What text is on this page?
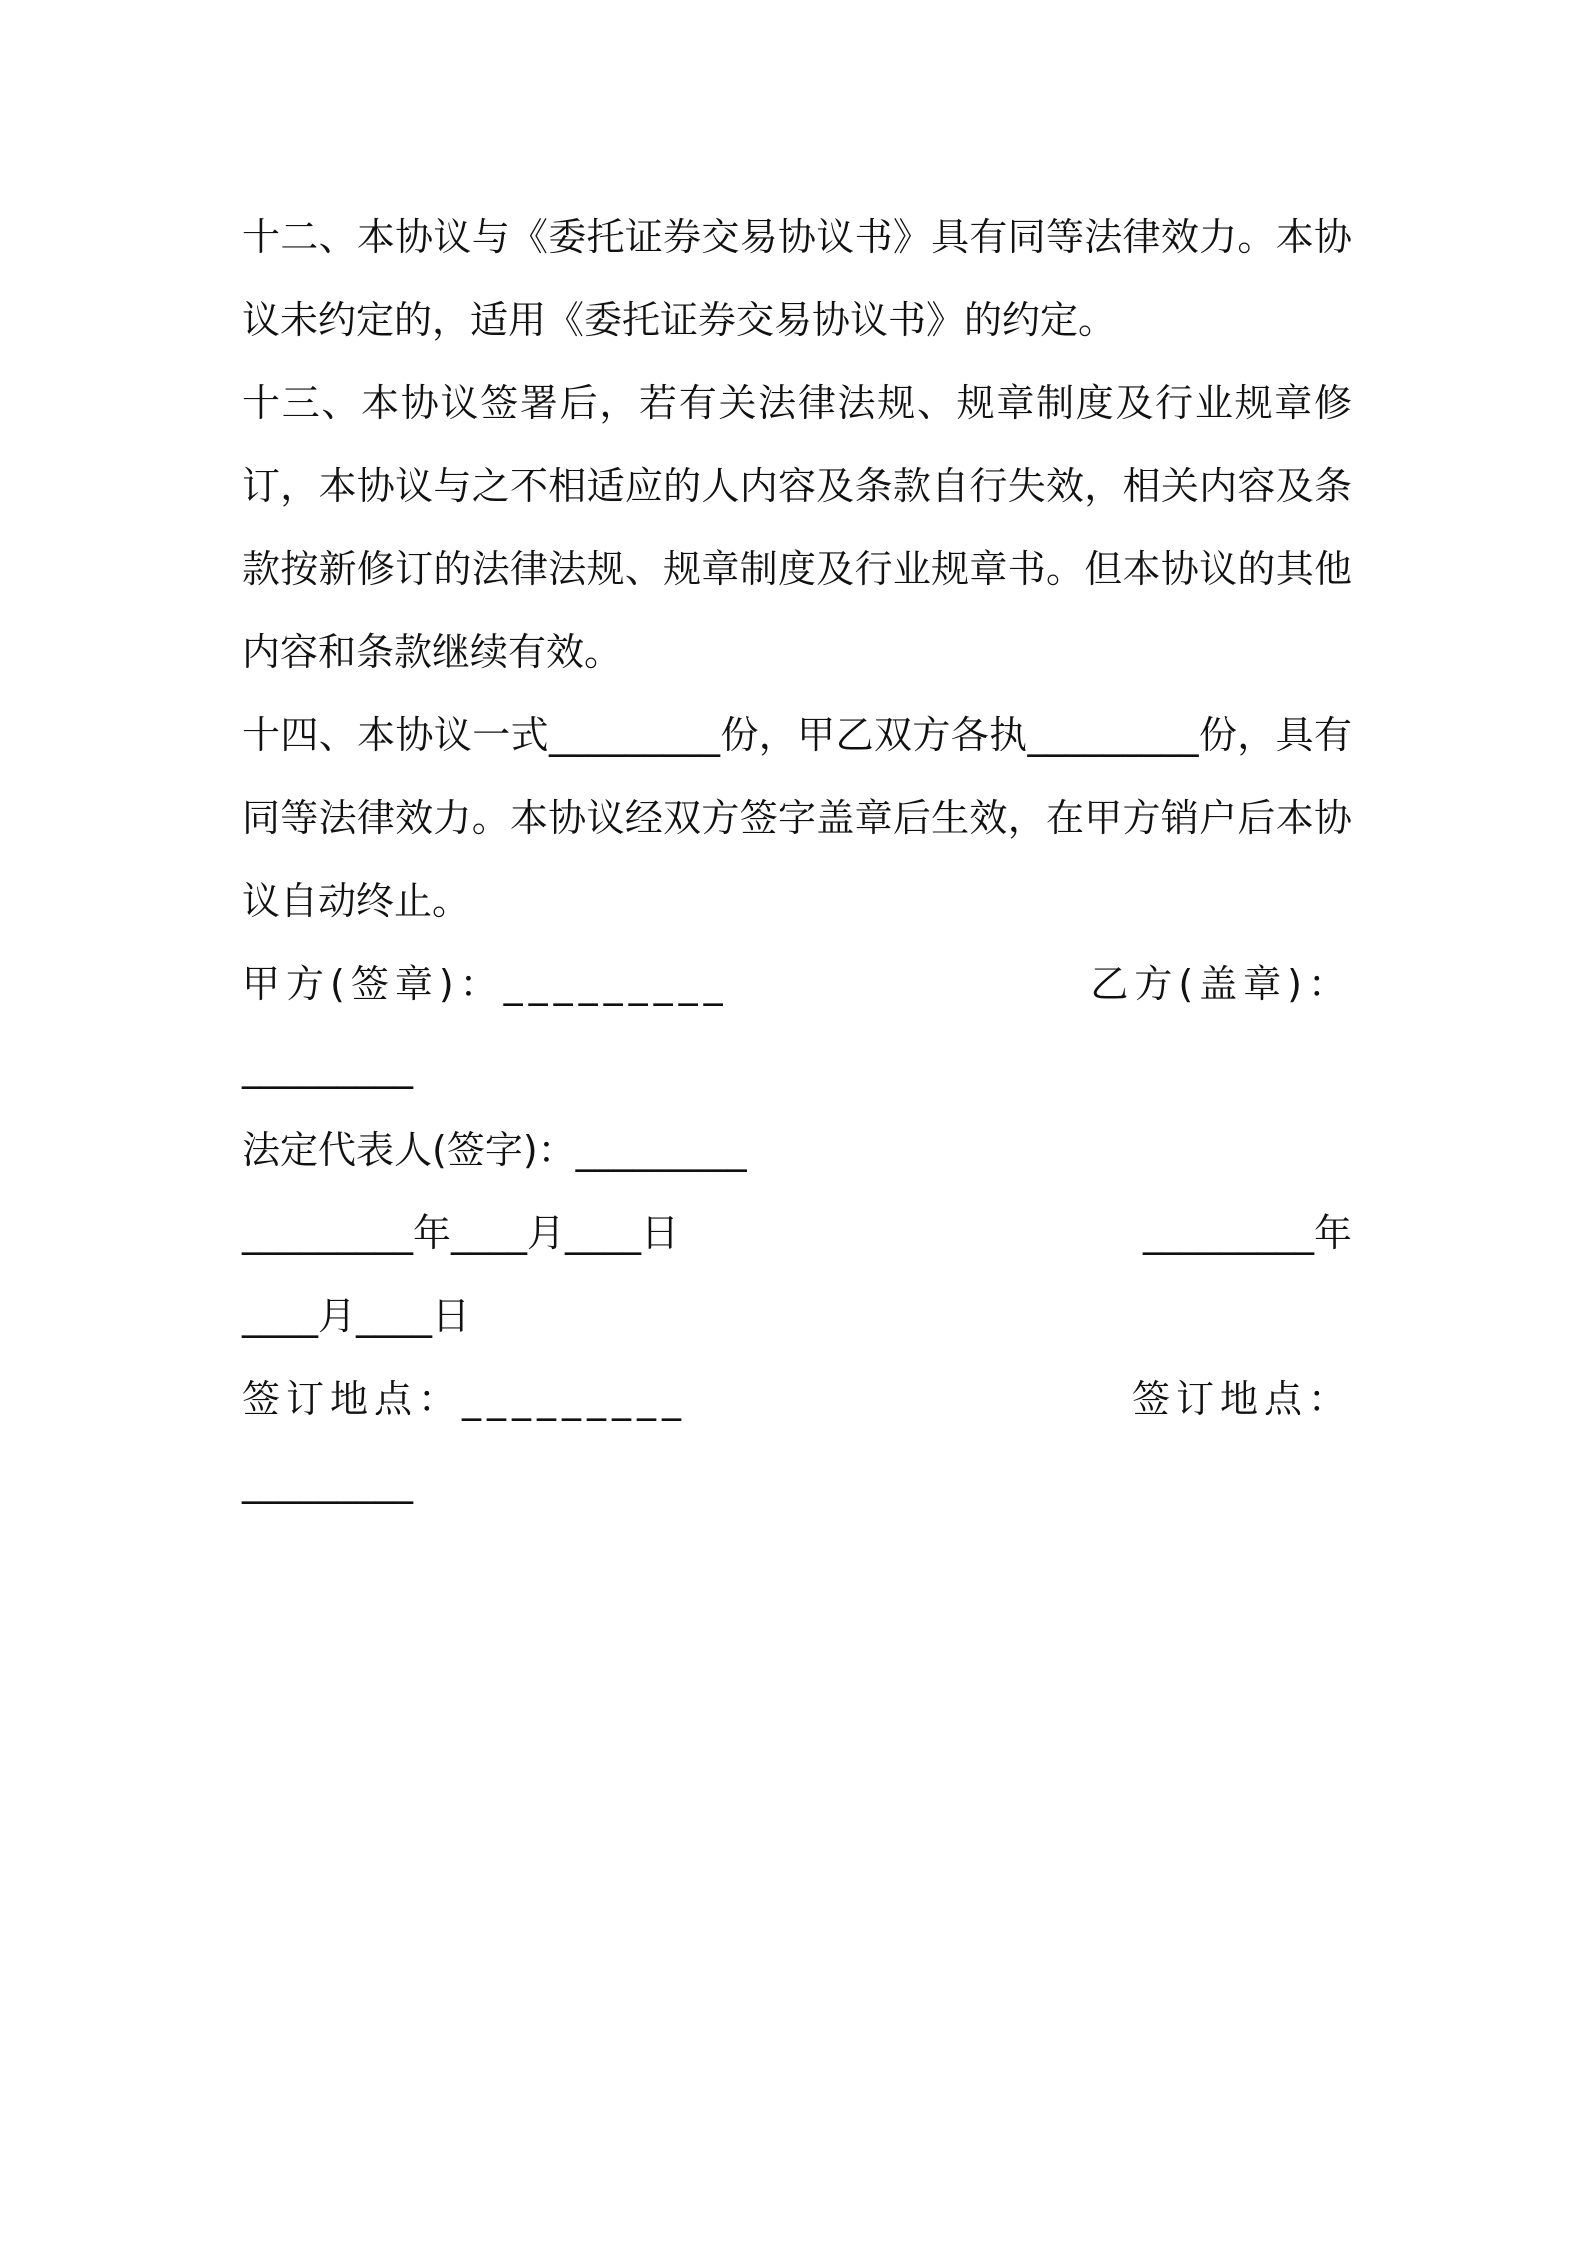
十二、本协议与《委托证券交易协议书》具有同等法律效力。本协议未约定的，适用《委托证券交易协议书》的约定。

十三、本协议签署后，若有关法律法规、规章制度及行业规章修订，本协议与之不相适应的人内容及条款自行失效，相关内容及条款按新修订的法律法规、规章制度及行业规章书。但本协议的其他内容和条款继续有效。

十四、本协议一式_________份，甲乙双方各执_________份，具有同等法律效力。本协议经双方签字盖章后生效，在甲方销户后本协议自动终止。

甲方(签章)：_________	乙方(盖章)：
_________
法定代表人(签字)：_________
_________年____月____日	_________年
____月____日
签订地点：_________	签订地点：
_________
